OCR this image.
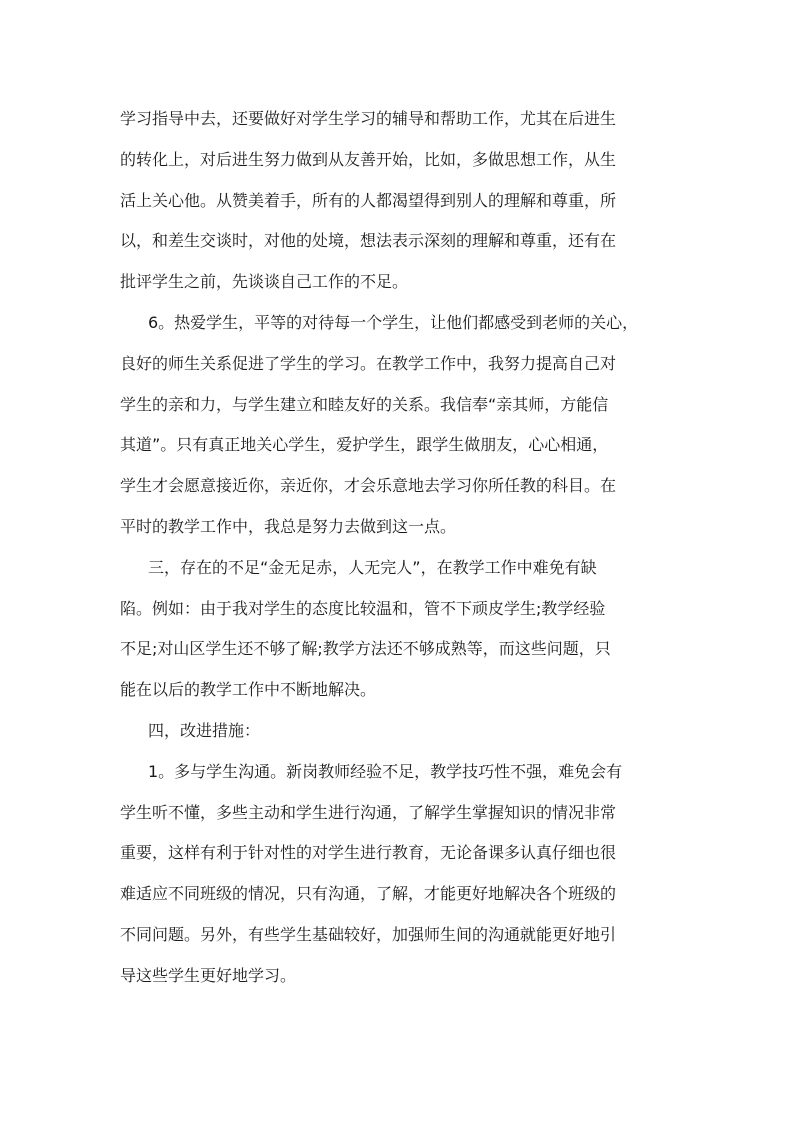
学习指导中去，还要做好对学生学习的辅导和帮助工作，尤其在后进生
的转化上，对后进生努力做到从友善开始，比如，多做思想工作，从生
活上关心他。从赞美着手，所有的人都渴望得到别人的理解和尊重，所
以，和差生交谈时，对他的处境，想法表示深刻的理解和尊重，还有在
批评学生之前，先谈谈自己工作的不足。
6。热爱学生，平等的对待每一个学生，让他们都感受到老师的关心，
良好的师生关系促进了学生的学习。在教学工作中，我努力提高自己对
学生的亲和力，与学生建立和睦友好的关系。我信奉“亲其师，方能信
其道”。只有真正地关心学生，爱护学生，跟学生做朋友，心心相通，
学生才会愿意接近你，亲近你，才会乐意地去学习你所任教的科目。在
平时的教学工作中，我总是努力去做到这一点。
三，存在的不足“金无足赤，人无完人”，在教学工作中难免有缺
陷。例如：由于我对学生的态度比较温和，管不下顽皮学生;教学经验
不足;对山区学生还不够了解;教学方法还不够成熟等，而这些问题，只
能在以后的教学工作中不断地解决。
四，改进措施：
1。多与学生沟通。新岗教师经验不足，教学技巧性不强，难免会有
学生听不懂，多些主动和学生进行沟通，了解学生掌握知识的情况非常
重要，这样有利于针对性的对学生进行教育，无论备课多认真仔细也很
难适应不同班级的情况，只有沟通，了解，才能更好地解决各个班级的
不同问题。另外，有些学生基础较好，加强师生间的沟通就能更好地引
导这些学生更好地学习。
